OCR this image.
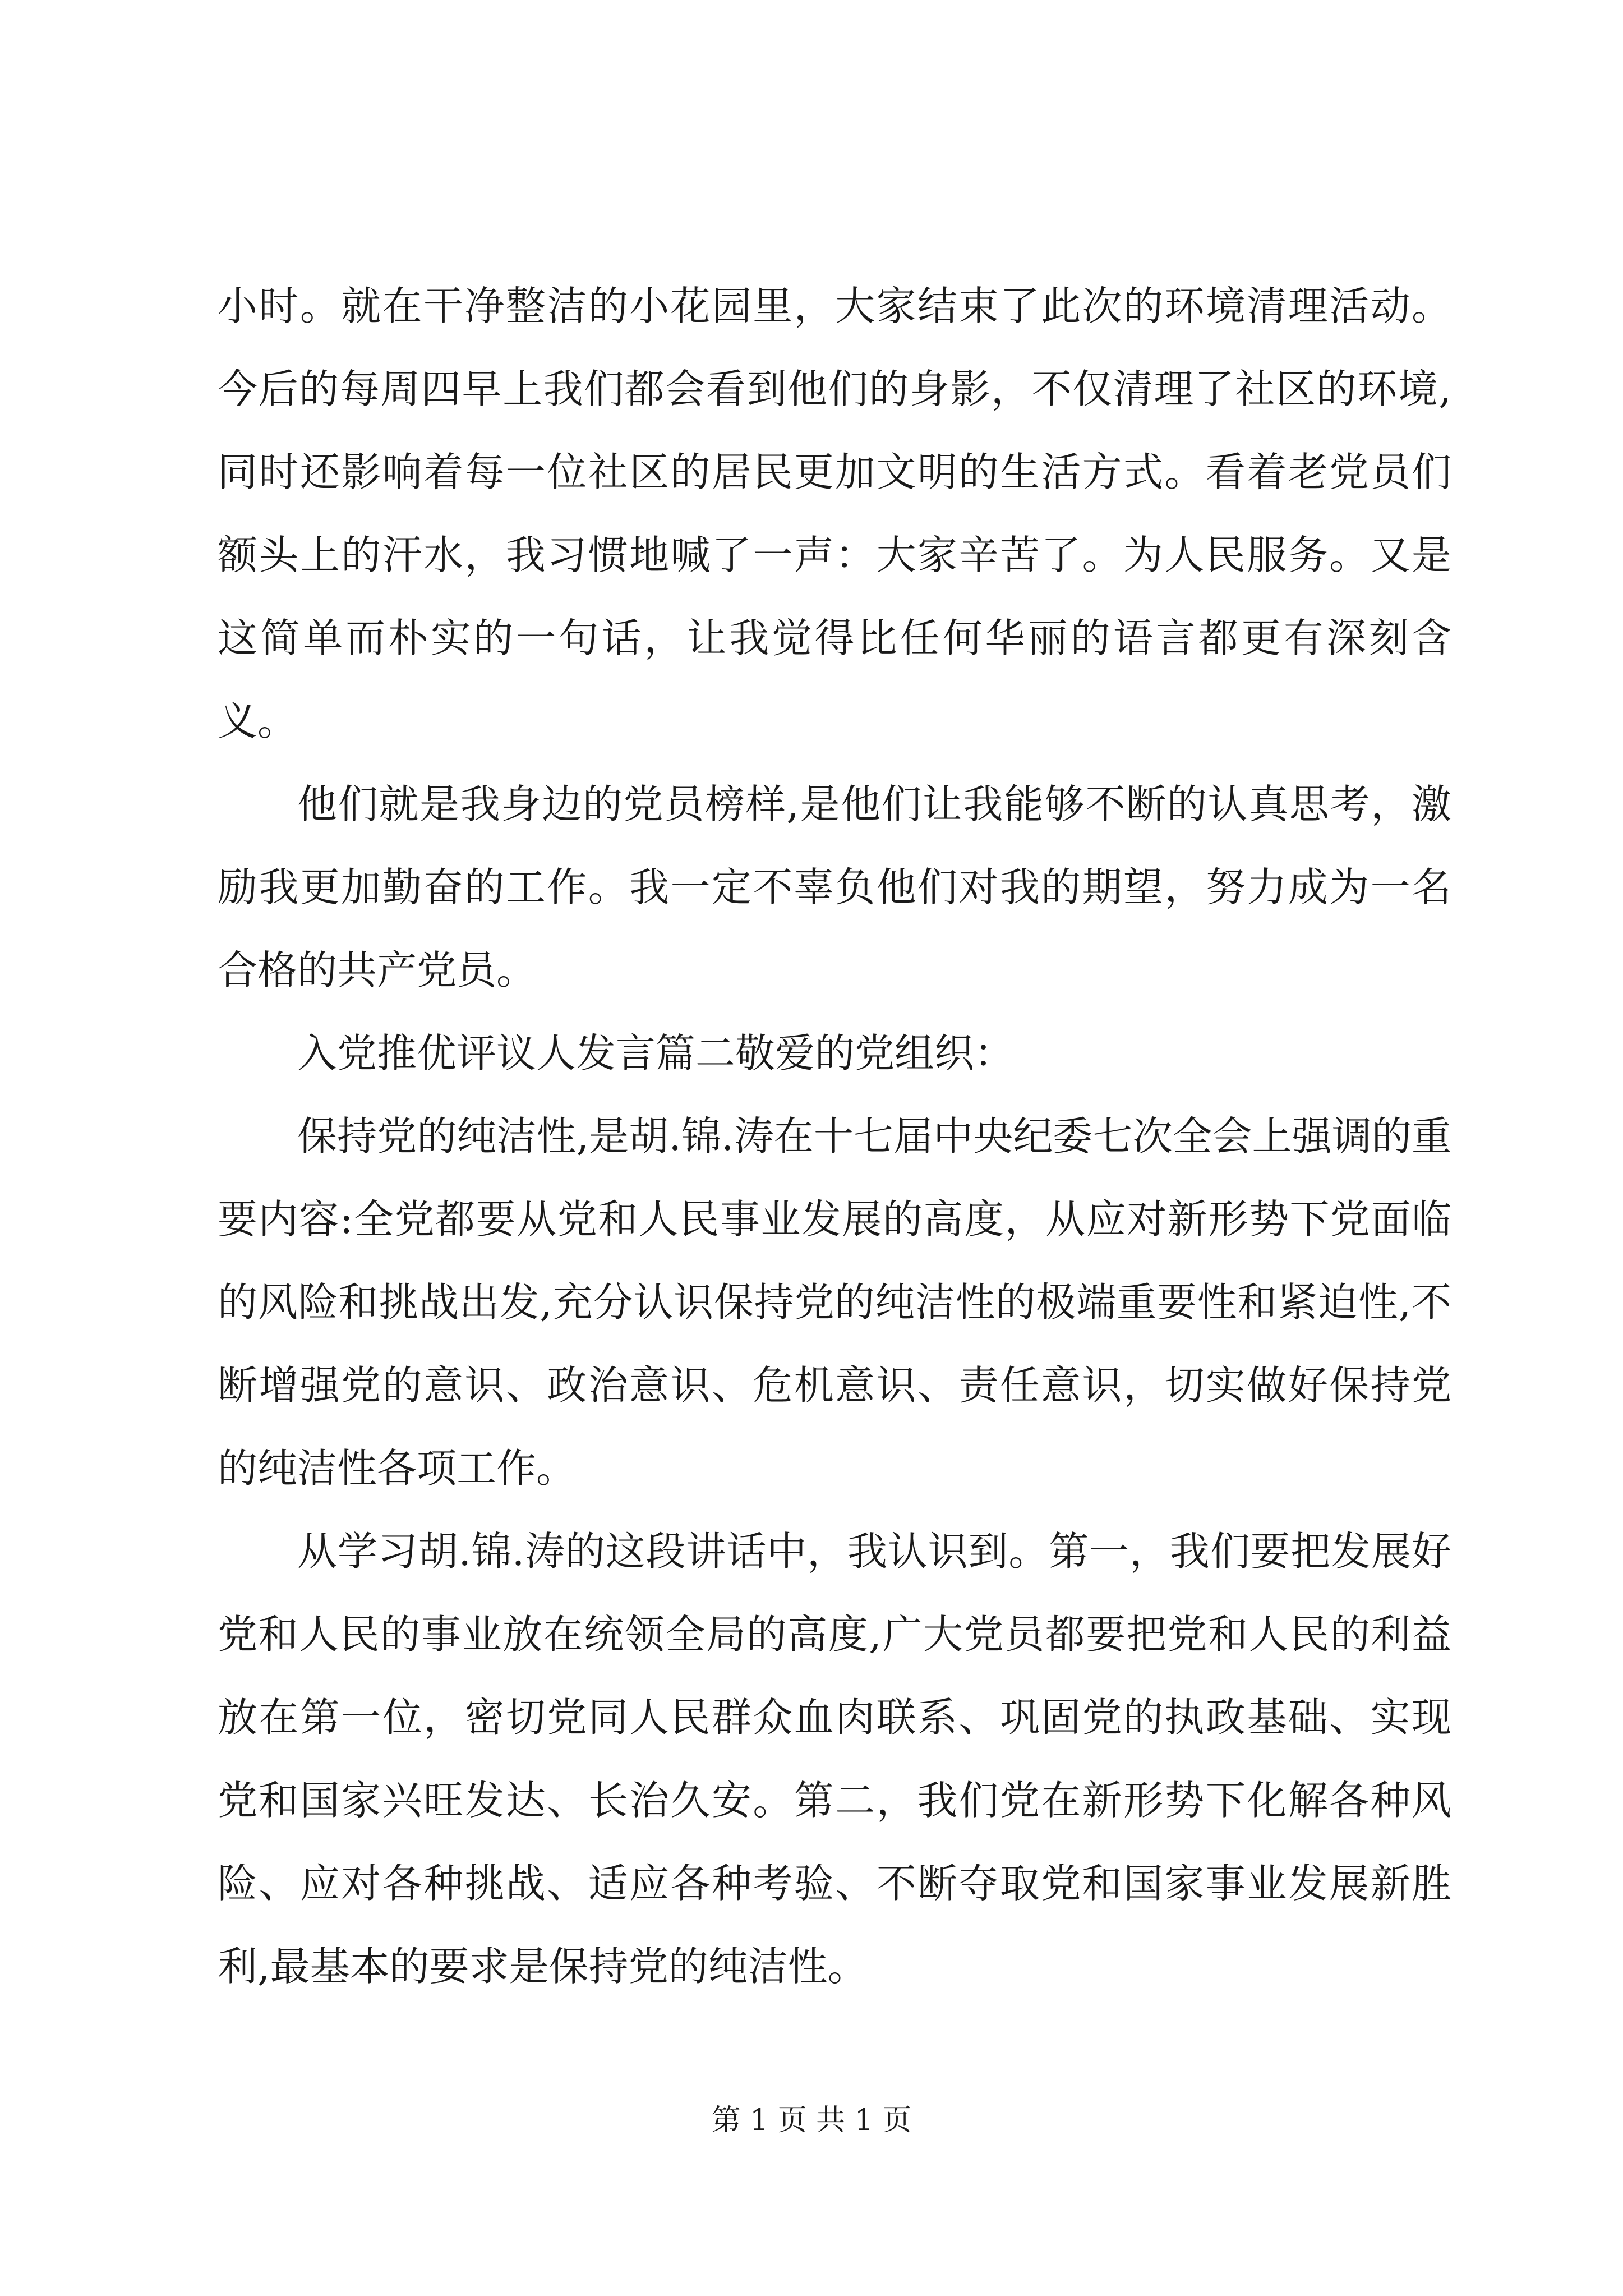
小时。就在干净整洁的小花园里，大家结束了此次的环境清理活动。今后的每周四早上我们都会看到他们的身影，不仅清理了社区的环境,同时还影响着每一位社区的居民更加文明的生活方式。看着老党员们额头上的汗水，我习惯地喊了一声：大家辛苦了。为人民服务。又是这简单而朴实的一句话，让我觉得比任何华丽的语言都更有深刻含义。

他们就是我身边的党员榜样,是他们让我能够不断的认真思考，激励我更加勤奋的工作。我一定不辜负他们对我的期望，努力成为一名合格的共产党员。

入党推优评议人发言篇二敬爱的党组织：

保持党的纯洁性,是胡.锦.涛在十七届中央纪委七次全会上强调的重要内容:全党都要从党和人民事业发展的高度，从应对新形势下党面临的风险和挑战出发,充分认识保持党的纯洁性的极端重要性和紧迫性,不断增强党的意识、政治意识、危机意识、责任意识，切实做好保持党的纯洁性各项工作。

从学习胡.锦.涛的这段讲话中，我认识到。第一，我们要把发展好党和人民的事业放在统领全局的高度,广大党员都要把党和人民的利益放在第一位，密切党同人民群众血肉联系、巩固党的执政基础、实现党和国家兴旺发达、长治久安。第二，我们党在新形势下化解各种风险、应对各种挑战、适应各种考验、不断夺取党和国家事业发展新胜利,最基本的要求是保持党的纯洁性。

第 1 页 共 1 页
